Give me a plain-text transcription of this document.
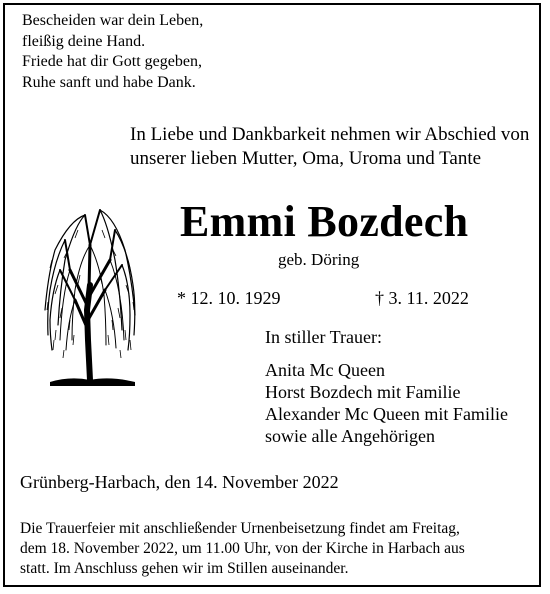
Bescheiden war dein Leben,
fleißig deine Hand.
Friede hat dir Gott gegeben,
Ruhe sanft und habe Dank.
In Liebe und Dankbarkeit nehmen wir Abschied von
unserer lieben Mutter, Oma, Uroma und Tante
Emmi Bozdech
geb. Döring
* 12. 10. 1929	† 3. 11. 2022
In stiller Trauer:
Anita Mc Queen
Horst Bozdech mit Familie
Alexander Mc Queen mit Familie
sowie alle Angehörigen
Grünberg-Harbach, den 14. November 2022
Die Trauerfeier mit anschließender Urnenbeisetzung findet am Freitag,
dem 18. November 2022, um 11.00 Uhr, von der Kirche in Harbach aus
statt. Im Anschluss gehen wir im Stillen auseinander.
